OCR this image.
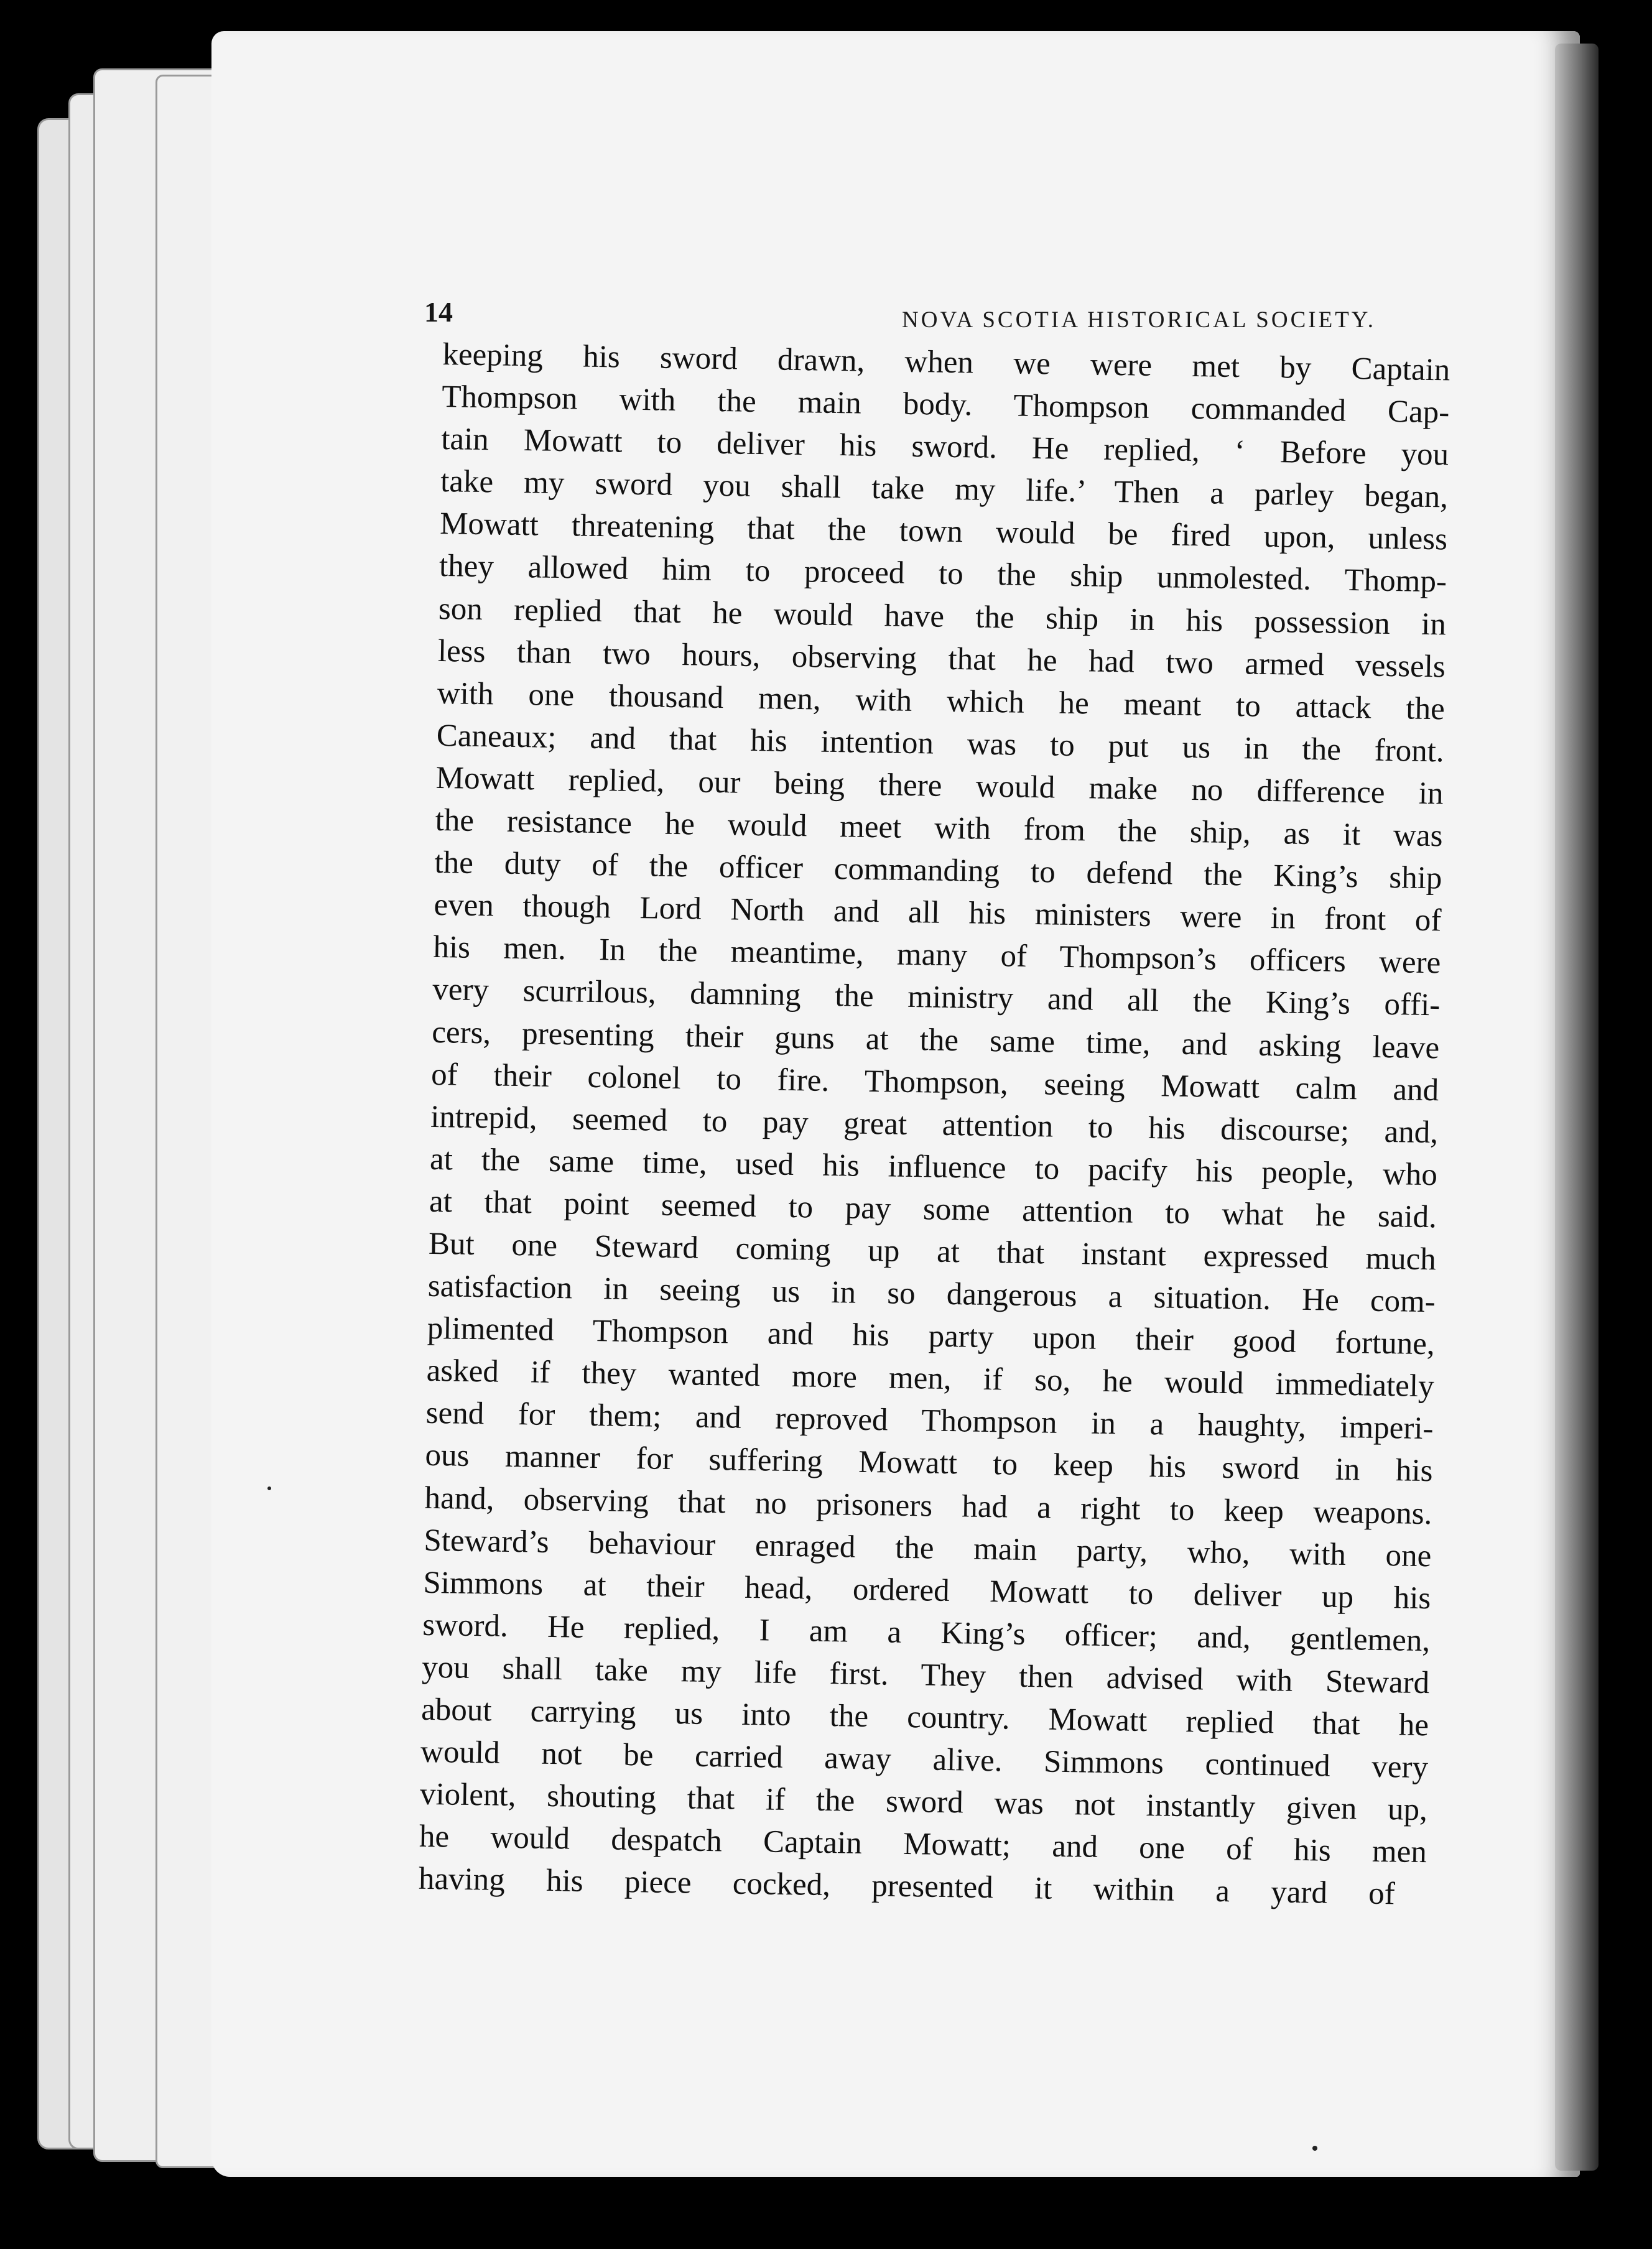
14	NOVA SCOTIA HISTORICAL SOCIETY.
keeping his sword drawn, when we were met by Captain
Thompson with the main body. Thompson commanded Cap-
tain Mowatt to deliver his sword. He replied, ‘ Before you
take my sword you shall take my life.’ Then a parley began,
Mowatt threatening that the town would be fired upon, unless
they allowed him to proceed to the ship unmolested. Thomp-
son replied that he would have the ship in his possession in
less than two hours, observing that he had two armed vessels
with one thousand men, with which he meant to attack the
Caneaux; and that his intention was to put us in the front.
Mowatt replied, our being there would make no difference in
the resistance he would meet with from the ship, as it was
the duty of the officer commanding to defend the King’s ship
even though Lord North and all his ministers were in front of
his men. In the meantime, many of Thompson’s officers were
very scurrilous, damning the ministry and all the King’s offi-
cers, presenting their guns at the same time, and asking leave
of their colonel to fire. Thompson, seeing Mowatt calm and
intrepid, seemed to pay great attention to his discourse; and,
at the same time, used his influence to pacify his people, who
at that point seemed to pay some attention to what he said.
But one Steward coming up at that instant expressed much
satisfaction in seeing us in so dangerous a situation. He com-
plimented Thompson and his party upon their good fortune,
asked if they wanted more men, if so, he would immediately
send for them; and reproved Thompson in a haughty, imperi-
ous manner for suffering Mowatt to keep his sword in his
hand, observing that no prisoners had a right to keep weapons.
Steward’s behaviour enraged the main party, who, with one
Simmons at their head, ordered Mowatt to deliver up his
sword. He replied, I am a King’s officer; and, gentlemen,
you shall take my life first. They then advised with Steward
about carrying us into the country. Mowatt replied that he
would not be carried away alive. Simmons continued very
violent, shouting that if the sword was not instantly given up,
he would despatch Captain Mowatt; and one of his men
having his piece cocked, presented it within a yard of
